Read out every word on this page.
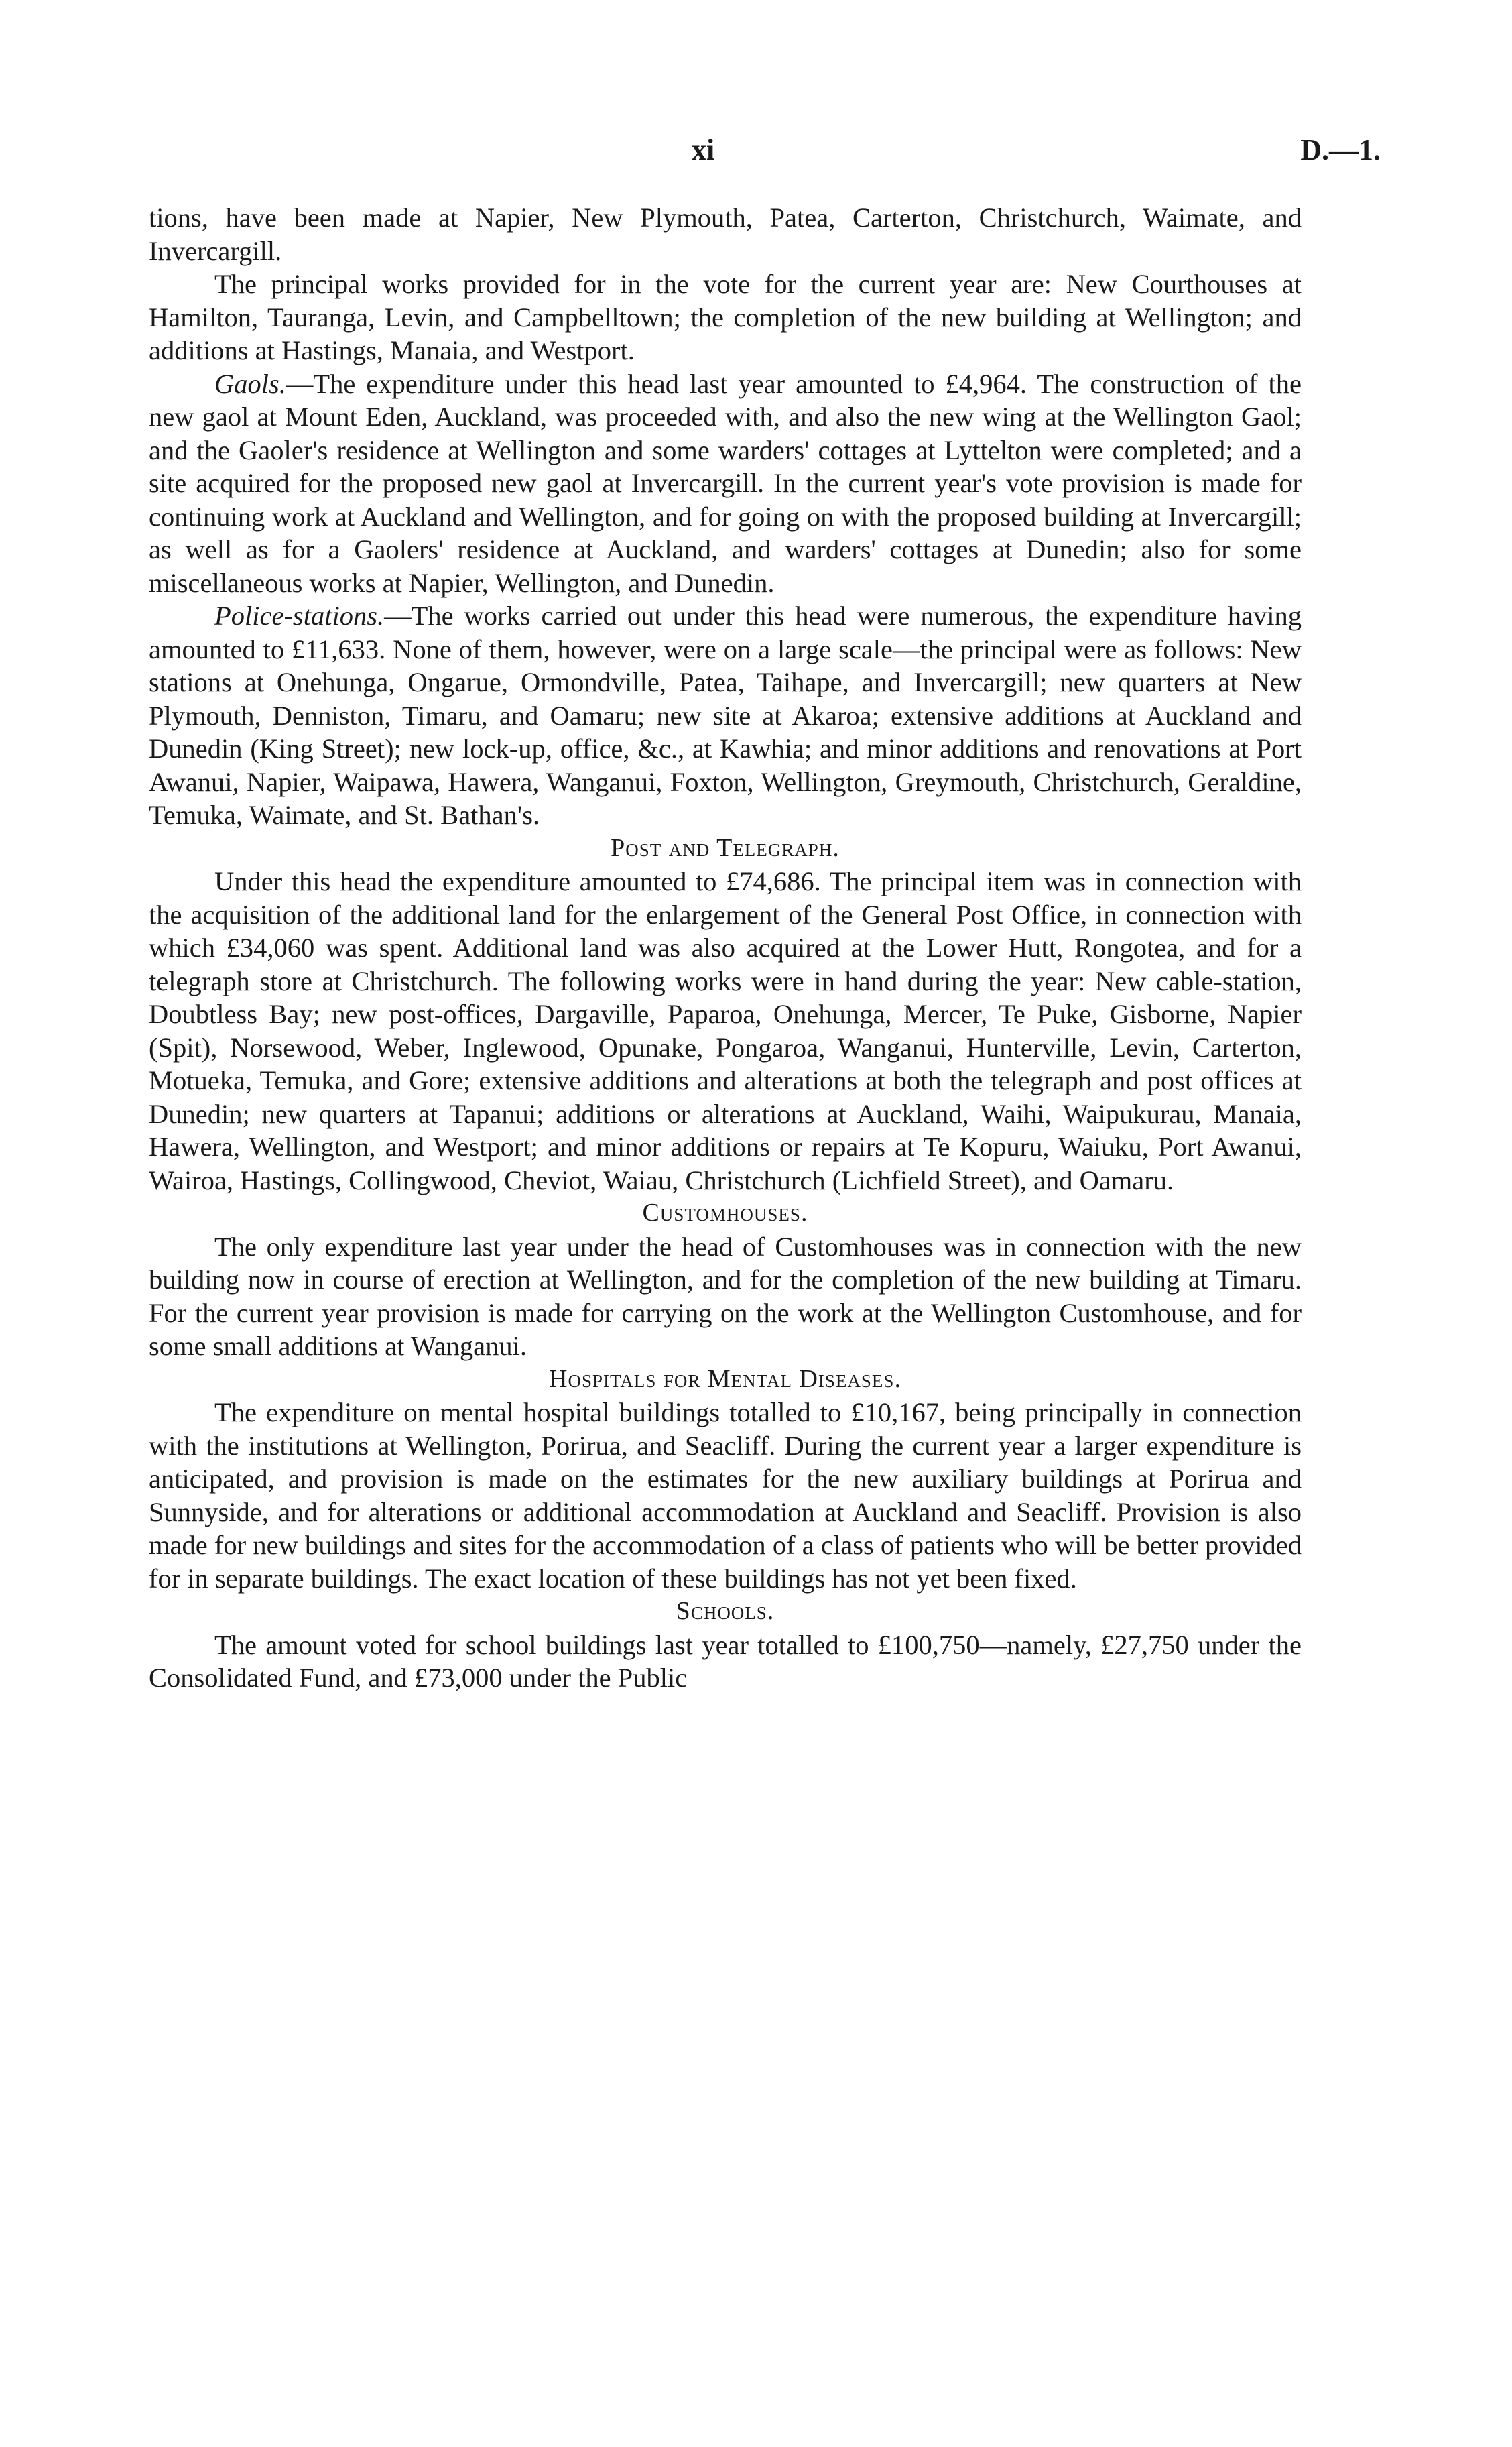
xi	D.—1.

tions, have been made at Napier, New Plymouth, Patea, Carterton, Christchurch, Waimate, and Invercargill.

The principal works provided for in the vote for the current year are: New Courthouses at Hamilton, Tauranga, Levin, and Campbelltown; the completion of the new building at Wellington; and additions at Hastings, Manaia, and Westport.

Gaols.—The expenditure under this head last year amounted to £4,964. The construction of the new gaol at Mount Eden, Auckland, was proceeded with, and also the new wing at the Wellington Gaol; and the Gaoler's residence at Wellington and some warders' cottages at Lyttelton were completed; and a site acquired for the proposed new gaol at Invercargill. In the current year's vote provision is made for continuing work at Auckland and Wellington, and for going on with the proposed building at Invercargill; as well as for a Gaolers' residence at Auckland, and warders' cottages at Dunedin; also for some miscellaneous works at Napier, Wellington, and Dunedin.

Police-stations.—The works carried out under this head were numerous, the expenditure having amounted to £11,633. None of them, however, were on a large scale—the principal were as follows: New stations at Onehunga, Ongarue, Ormondville, Patea, Taihape, and Invercargill; new quarters at New Plymouth, Denniston, Timaru, and Oamaru; new site at Akaroa; extensive additions at Auckland and Dunedin (King Street); new lock-up, office, &c., at Kawhia; and minor additions and renovations at Port Awanui, Napier, Waipawa, Hawera, Wanganui, Foxton, Wellington, Greymouth, Christchurch, Geraldine, Temuka, Waimate, and St. Bathan's.

Post and Telegraph.

Under this head the expenditure amounted to £74,686. The principal item was in connection with the acquisition of the additional land for the enlargement of the General Post Office, in connection with which £34,060 was spent. Additional land was also acquired at the Lower Hutt, Rongotea, and for a telegraph store at Christchurch. The following works were in hand during the year: New cable-station, Doubtless Bay; new post-offices, Dargaville, Paparoa, Onehunga, Mercer, Te Puke, Gisborne, Napier (Spit), Norsewood, Weber, Inglewood, Opunake, Pongaroa, Wanganui, Hunterville, Levin, Carterton, Motueka, Temuka, and Gore; extensive additions and alterations at both the telegraph and post offices at Dunedin; new quarters at Tapanui; additions or alterations at Auckland, Waihi, Waipukurau, Manaia, Hawera, Wellington, and Westport; and minor additions or repairs at Te Kopuru, Waiuku, Port Awanui, Wairoa, Hastings, Collingwood, Cheviot, Waiau, Christchurch (Lichfield Street), and Oamaru.

Customhouses.

The only expenditure last year under the head of Customhouses was in connection with the new building now in course of erection at Wellington, and for the completion of the new building at Timaru. For the current year provision is made for carrying on the work at the Wellington Customhouse, and for some small additions at Wanganui.

Hospitals for Mental Diseases.

The expenditure on mental hospital buildings totalled to £10,167, being principally in connection with the institutions at Wellington, Porirua, and Seacliff. During the current year a larger expenditure is anticipated, and provision is made on the estimates for the new auxiliary buildings at Porirua and Sunnyside, and for alterations or additional accommodation at Auckland and Seacliff. Provision is also made for new buildings and sites for the accommodation of a class of patients who will be better provided for in separate buildings. The exact location of these buildings has not yet been fixed.

Schools.

The amount voted for school buildings last year totalled to £100,750—namely, £27,750 under the Consolidated Fund, and £73,000 under the Public
